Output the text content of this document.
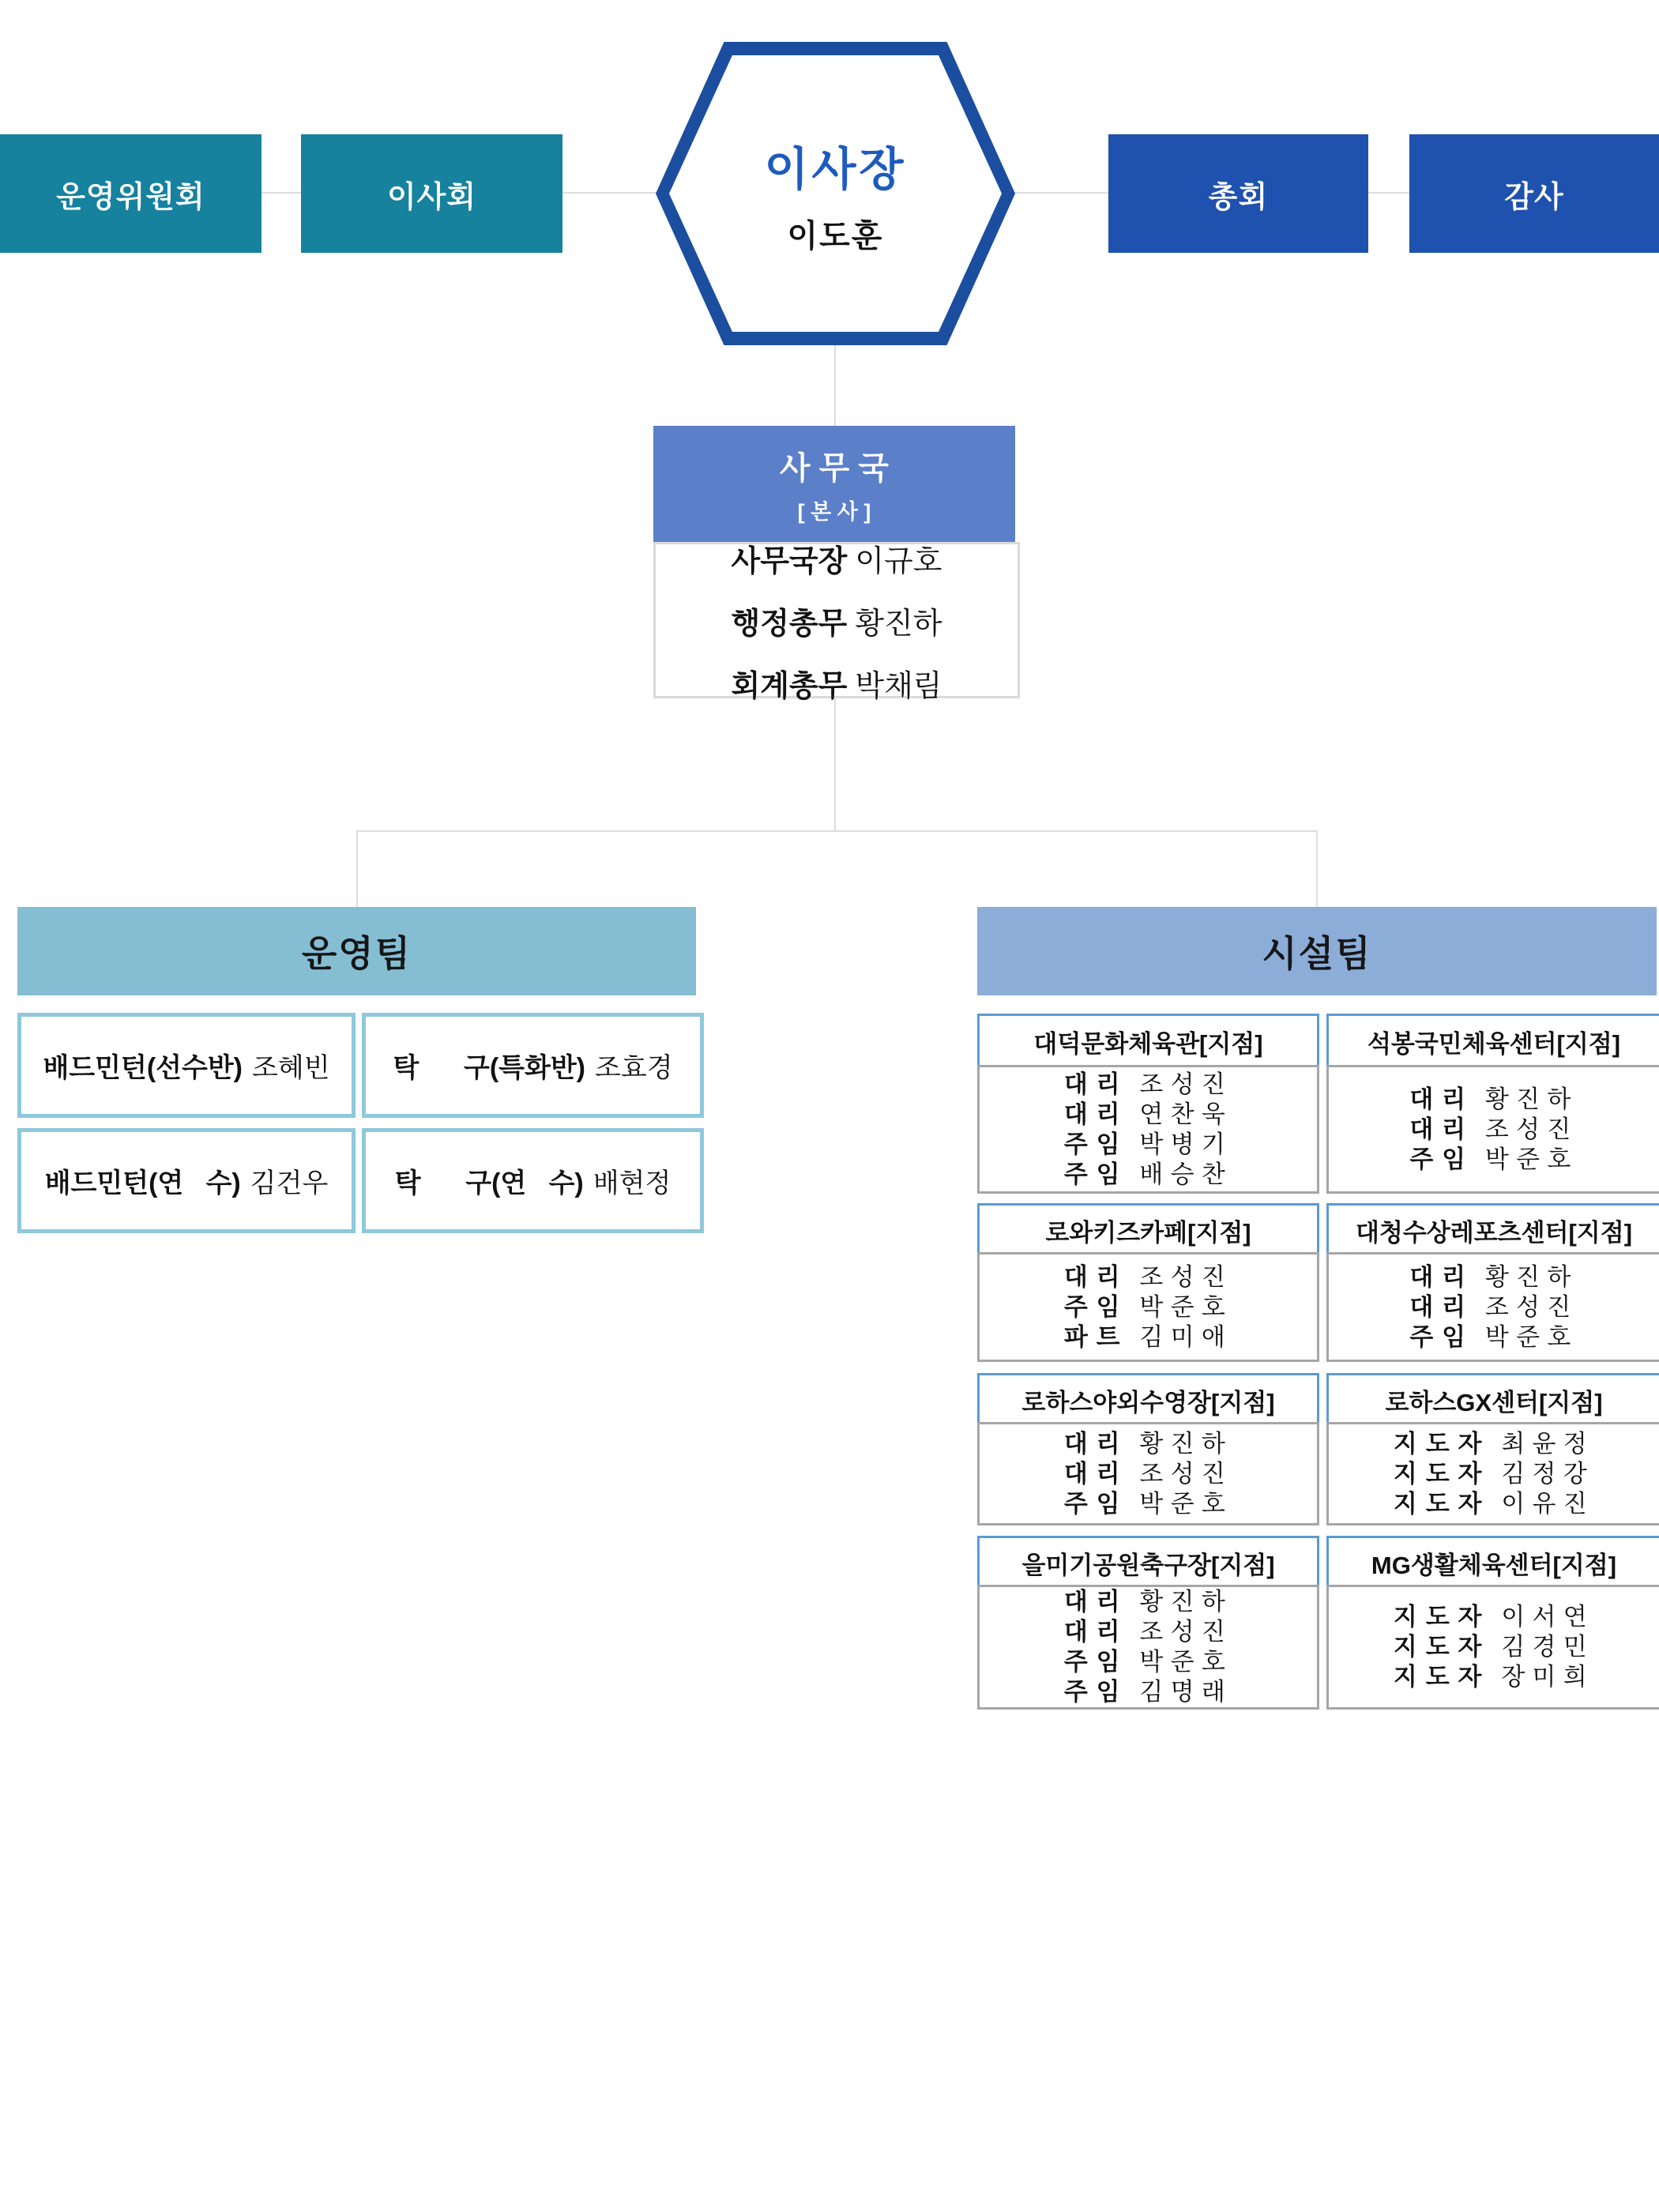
운영위원회	이사회	총회	감사
이사장
이도훈
사 무 국
[ 본 사 ]
사무국장 이규호
행정총무 황진하
회계총무 박채림
운영팀
배드민턴(선수반) 조혜빈 탁      구(특화반) 조효경
배드민턴(연   수) 김건우 탁      구(연   수) 배현정
시설팀
대덕문화체육관[지점]
대리 조성진
대리 연찬욱
주임 박병기
주임 배승찬
석봉국민체육센터[지점]
대리 황진하
대리 조성진
주임 박준호
로와키즈카페[지점]
대리 조성진
주임 박준호
파트 김미애
대청수상레포츠센터[지점]
대리 황진하
대리 조성진
주임 박준호
로하스야외수영장[지점]
대리 황진하
대리 조성진
주임 박준호
로하스GX센터[지점]
지도자 최윤정
지도자 김정강
지도자 이유진
을미기공원축구장[지점]
대리 황진하
대리 조성진
주임 박준호
주임 김명래
MG생활체육센터[지점]
지도자 이서연
지도자 김경민
지도자 장미희
